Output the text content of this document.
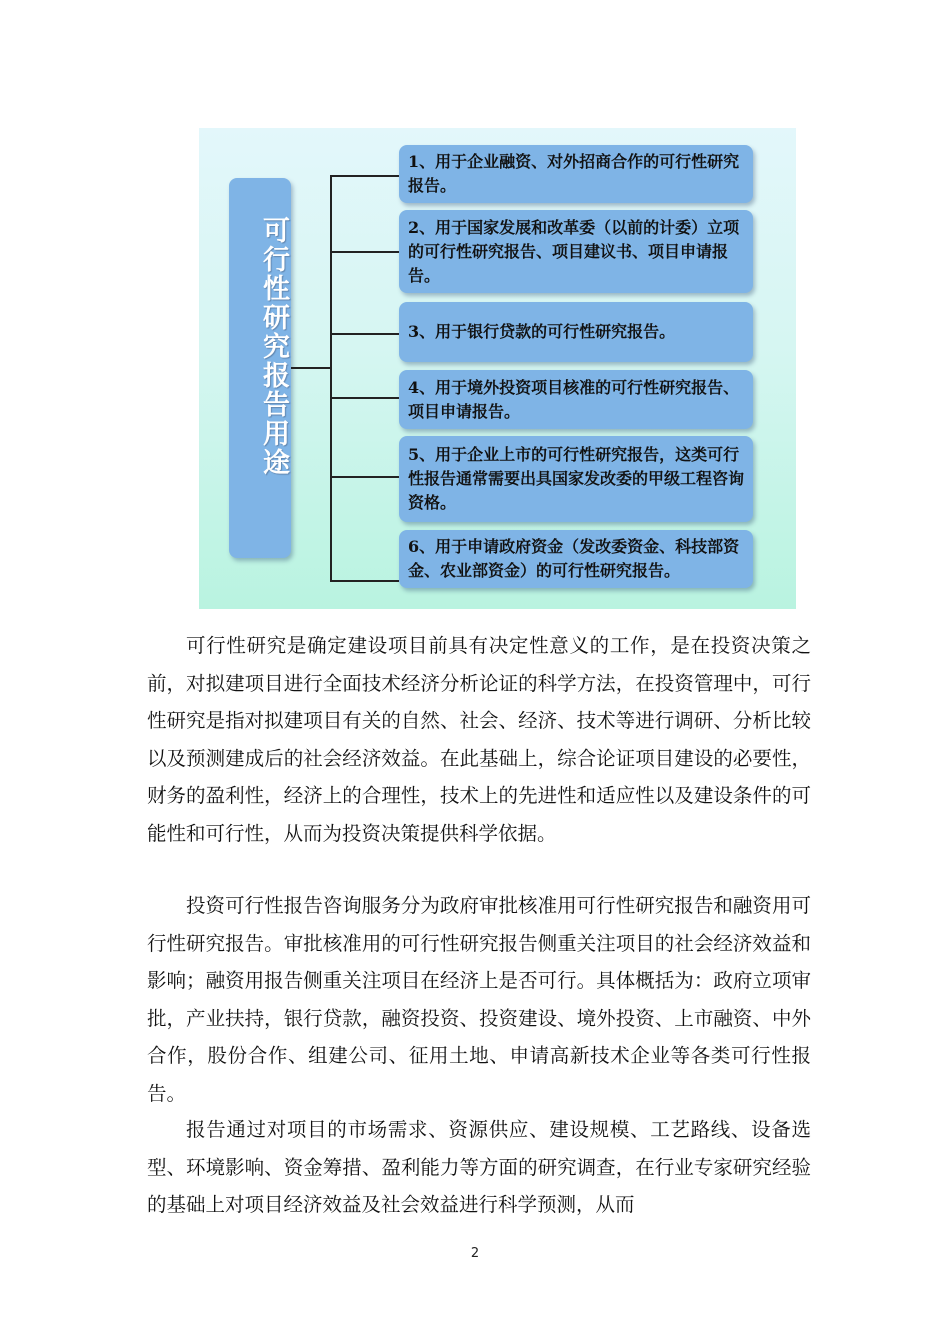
可行性研究报告用途
1、用于企业融资、对外招商合作的可行性研究报告。
2、用于国家发展和改革委（以前的计委）立项的可行性研究报告、项目建议书、项目申请报告。
3、用于银行贷款的可行性研究报告。
4、用于境外投资项目核准的可行性研究报告、项目申请报告。
5、用于企业上市的可行性研究报告，这类可行性报告通常需要出具国家发改委的甲级工程咨询资格。
6、用于申请政府资金（发改委资金、科技部资金、农业部资金）的可行性研究报告。

可行性研究是确定建设项目前具有决定性意义的工作，是在投资决策之前，对拟建项目进行全面技术经济分析论证的科学方法，在投资管理中，可行性研究是指对拟建项目有关的自然、社会、经济、技术等进行调研、分析比较以及预测建成后的社会经济效益。在此基础上，综合论证项目建设的必要性，财务的盈利性，经济上的合理性，技术上的先进性和适应性以及建设条件的可能性和可行性，从而为投资决策提供科学依据。

投资可行性报告咨询服务分为政府审批核准用可行性研究报告和融资用可行性研究报告。审批核准用的可行性研究报告侧重关注项目的社会经济效益和影响；融资用报告侧重关注项目在经济上是否可行。具体概括为：政府立项审批，产业扶持，银行贷款，融资投资、投资建设、境外投资、上市融资、中外合作，股份合作、组建公司、征用土地、申请高新技术企业等各类可行性报告。

报告通过对项目的市场需求、资源供应、建设规模、工艺路线、设备选型、环境影响、资金筹措、盈利能力等方面的研究调查，在行业专家研究经验的基础上对项目经济效益及社会效益进行科学预测，从而

2
